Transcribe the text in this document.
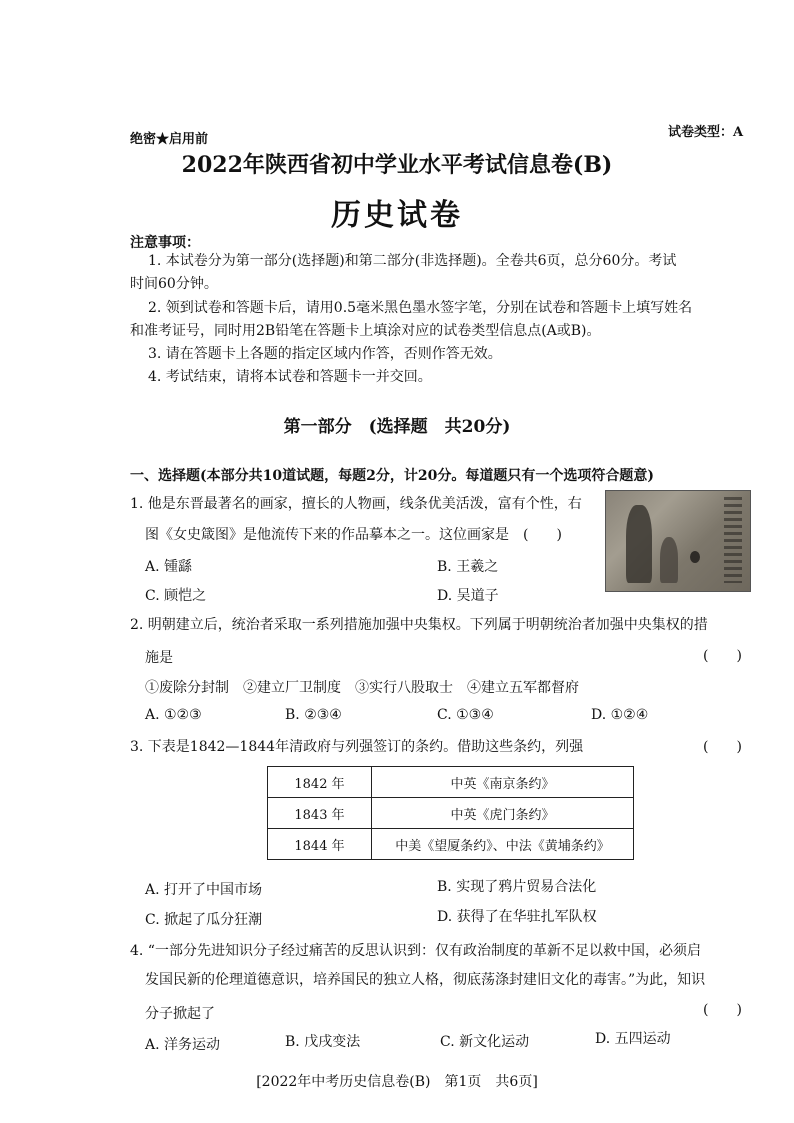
绝密★启用前	试卷类型：A
2022年陕西省初中学业水平考试信息卷(B)
历史试卷
注意事项：
1. 本试卷分为第一部分(选择题)和第二部分(非选择题)。全卷共6页，总分60分。考试
时间60分钟。
2. 领到试卷和答题卡后，请用0.5毫米黑色墨水签字笔，分别在试卷和答题卡上填写姓名
和准考证号，同时用2B铅笔在答题卡上填涂对应的试卷类型信息点(A或B)。
3. 请在答题卡上各题的指定区域内作答，否则作答无效。
4. 考试结束，请将本试卷和答题卡一并交回。
第一部分　(选择题　共20分)
一、选择题(本部分共10道试题，每题2分，计20分。每道题只有一个选项符合题意)
1. 他是东晋最著名的画家，擅长的人物画，线条优美活泼，富有个性，右
图《女史箴图》是他流传下来的作品摹本之一。这位画家是　(　　)
A. 锺繇	B. 王羲之
C. 顾恺之	D. 吴道子
2. 明朝建立后，统治者采取一系列措施加强中央集权。下列属于明朝统治者加强中央集权的措
施是	(　　)
①废除分封制　②建立厂卫制度　③实行八股取士　④建立五军都督府
A. ①②③	B. ②③④	C. ①③④	D. ①②④
3. 下表是1842—1844年清政府与列强签订的条约。借助这些条约，列强	(　　)
1842 年	中英《南京条约》
1843 年	中英《虎门条约》
1844 年	中美《望厦条约》、中法《黄埔条约》
A. 打开了中国市场	B. 实现了鸦片贸易合法化
C. 掀起了瓜分狂潮	D. 获得了在华驻扎军队权
4. “一部分先进知识分子经过痛苦的反思认识到：仅有政治制度的革新不足以救中国，必须启
发国民新的伦理道德意识，培养国民的独立人格，彻底荡涤封建旧文化的毒害。”为此，知识
分子掀起了	(　　)
A. 洋务运动	B. 戊戌变法	C. 新文化运动	D. 五四运动
[2022年中考历史信息卷(B)　第1页　共6页]
